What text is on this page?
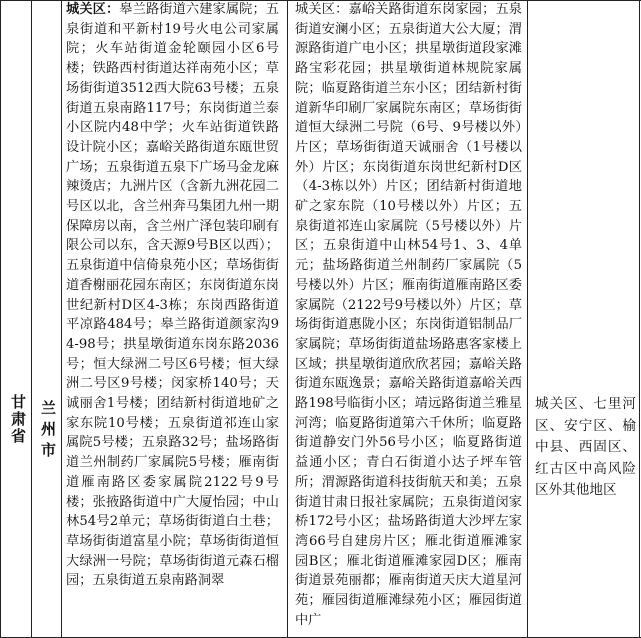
甘肃省 兰州市
城关区：皋兰路街道六建家属院；五泉街道和平新村19号火电公司家属院；火车站街道金轮颐园小区6号楼；铁路西村街道达祥南苑小区；草场街街道3512西大院63号楼；五泉街道五泉南路117号；东岗街道兰泰小区院内48中学；火车站街道铁路设计院小区；嘉峪关路街道东瓯世贸广场；五泉街道五泉下广场马金龙麻辣烫店；九洲片区（含新九洲花园二号区以北，含兰州奔马集团九州一期保障房以南，含兰州广泽包装印刷有限公司以东，含天源9号B区以西）；五泉街道中信倚泉苑小区；草场街街道香榭丽花园东南区；东岗街道东岗世纪新村D区4-3栋；东岗西路街道平凉路484号；皋兰路街道颜家沟94-98号；拱星墩街道东岗东路2036号；恒大绿洲二号区6号楼；恒大绿洲二号区9号楼；闵家桥140号；天诚丽舍1号楼；团结新村街道地矿之家东院10号楼；五泉街道祁连山家属院5号楼；五泉路32号；盐场路街道兰州制药厂家属院5号楼；雁南街道雁南路区委家属院2122号9号楼；张掖路街道中广大厦怡园；中山林54号2单元；草场街街道白土巷；草场街街道富星小院；草场街街道恒大绿洲一号院；草场街街道元森石榴园；五泉街道五泉南路洞翠
城关区：嘉峪关路街道东岗家园；五泉街道安澜小区；五泉街道大公大厦；渭源路街道广电小区；拱星墩街道段家滩路宝彩花园；拱星墩街道林规院家属院；临夏路街道兰东小区；团结新村街道新华印刷厂家属院东南区；草场街街道恒大绿洲二号院（6号、9号楼以外）片区；草场街街道天诚丽舍（1号楼以外）片区；东岗街道东岗世纪新村D区（4-3栋以外）片区；团结新村街道地矿之家东院（10号楼以外）片区；五泉街道祁连山家属院（5号楼以外）片区；五泉街道中山林54号1、3、4单元；盐场路街道兰州制药厂家属院（5号楼以外）片区；雁南街道雁南路区委家属院（2122号9号楼以外）片区；草场街街道惠陇小区；东岗街道铝制品厂家属院；草场街街道盐场路惠客家楼上区域；拱星墩街道欣欣茗园；嘉峪关路街道东瓯逸景；嘉峪关路街道嘉峪关西路198号临街小区；靖远路街道兰雅星河湾；临夏路街道第六千休所；临夏路街道静安门外56号小区；临夏路街道益通小区；青白石街道小达子坪车管所；渭源路街道科技街航天和美；五泉街道甘肃日报社家属院；五泉街道闵家桥172号小区；盐场路街道大沙坪左家湾66号自建房片区；雁北街道雁滩家园B区；雁北街道雁滩家园D区；雁南街道景苑丽都；雁南街道天庆大道星河苑；雁园街道雁滩绿苑小区；雁园街道中广
城关区、七里河区、安宁区、榆中县、西固区、红古区中高风险区外其他地区
